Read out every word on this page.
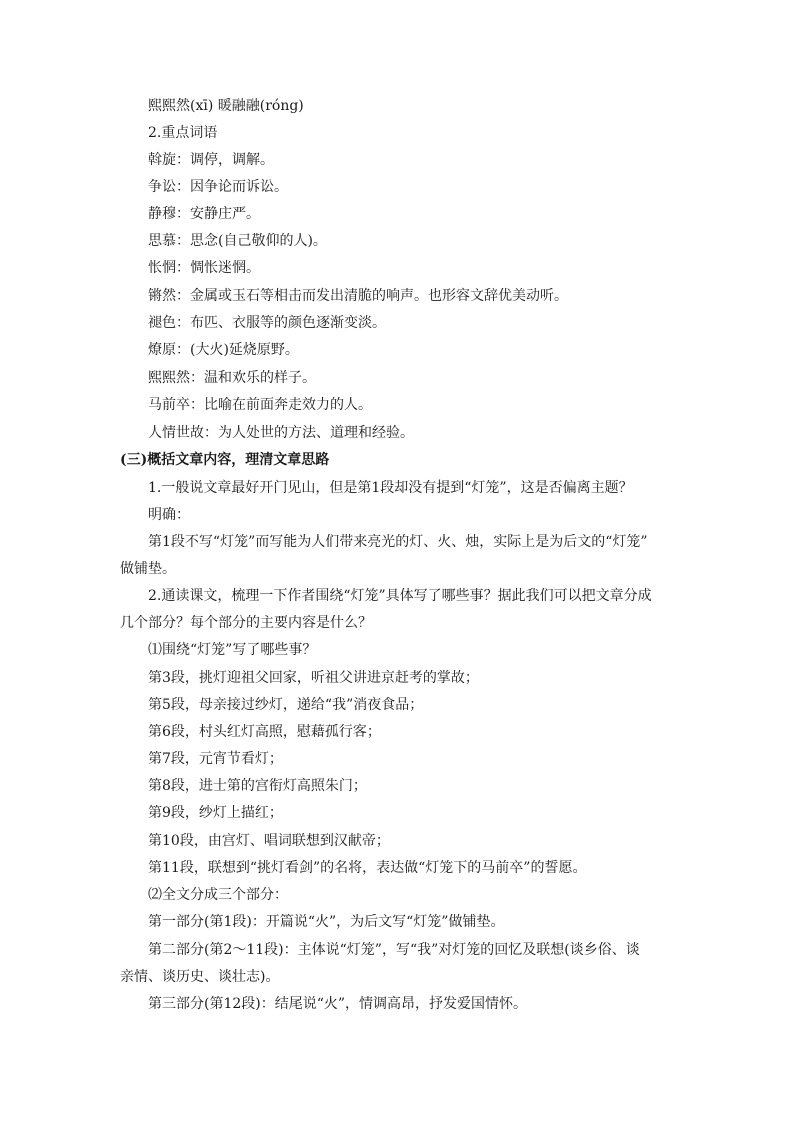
熙熙然(xī) 暖融融(róng)
2.重点词语
斡旋：调停，调解。
争讼：因争论而诉讼。
静穆：安静庄严。
思慕：思念(自己敬仰的人)。
怅惘：惆怅迷惘。
锵然：金属或玉石等相击而发出清脆的响声。也形容文辞优美动听。
褪色：布匹、衣服等的颜色逐渐变淡。
燎原：(大火)延烧原野。
熙熙然：温和欢乐的样子。
马前卒：比喻在前面奔走效力的人。
人情世故：为人处世的方法、道理和经验。
(三)概括文章内容，理清文章思路
1.一般说文章最好开门见山，但是第1段却没有提到“灯笼”，这是否偏离主题？
明确：
第1段不写“灯笼”而写能为人们带来亮光的灯、火、烛，实际上是为后文的“灯笼”
做铺垫。
2.通读课文，梳理一下作者围绕“灯笼”具体写了哪些事？据此我们可以把文章分成
几个部分？每个部分的主要内容是什么？
⑴围绕“灯笼”写了哪些事？
第3段，挑灯迎祖父回家，听祖父讲进京赶考的掌故；
第5段，母亲接过纱灯，递给“我”消夜食品；
第6段，村头红灯高照，慰藉孤行客；
第7段，元宵节看灯；
第8段，进士第的宫衔灯高照朱门；
第9段，纱灯上描红；
第10段，由宫灯、唱词联想到汉献帝；
第11段，联想到“挑灯看剑”的名将，表达做“灯笼下的马前卒”的誓愿。
⑵全文分成三个部分：
第一部分(第1段)：开篇说“火”，为后文写“灯笼”做铺垫。
第二部分(第2～11段)：主体说“灯笼”，写“我”对灯笼的回忆及联想(谈乡俗、谈
亲情、谈历史、谈壮志)。
第三部分(第12段)：结尾说“火”，情调高昂，抒发爱国情怀。
